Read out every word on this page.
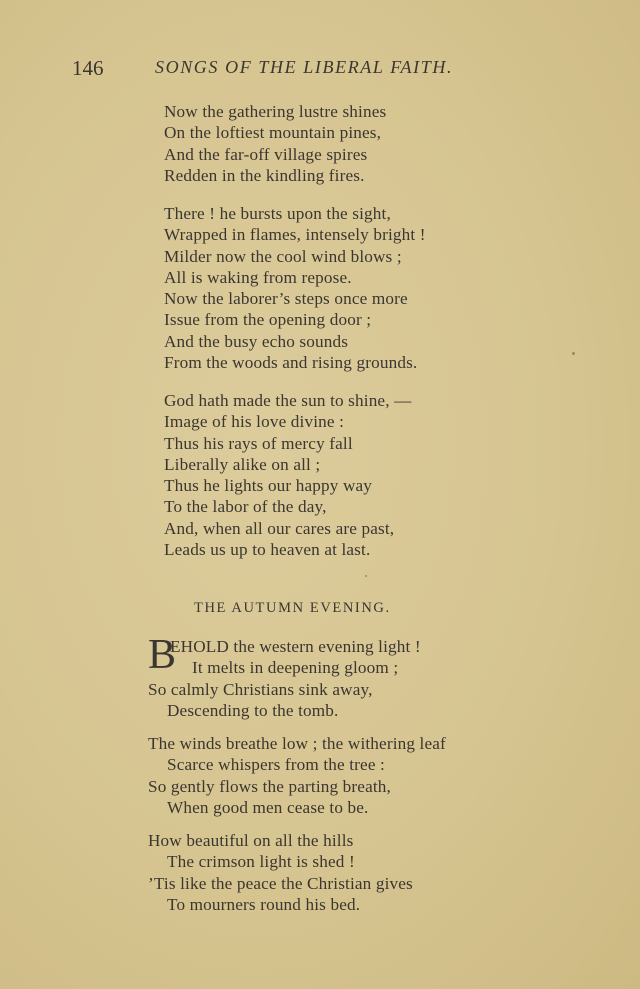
146	SONGS OF THE LIBERAL FAITH.
Now the gathering lustre shines
On the loftiest mountain pines,
And the far-off village spires
Redden in the kindling fires.
There ! he bursts upon the sight,
Wrapped in flames, intensely bright !
Milder now the cool wind blows ;
All is waking from repose.
Now the laborer’s steps once more
Issue from the opening door ;
And the busy echo sounds
From the woods and rising grounds.
God hath made the sun to shine, —
Image of his love divine :
Thus his rays of mercy fall
Liberally alike on all ;
Thus he lights our happy way
To the labor of the day,
And, when all our cares are past,
Leads us up to heaven at last.
THE AUTUMN EVENING.
B
EHOLD the western evening light !
It melts in deepening gloom ;
So calmly Christians sink away,
Descending to the tomb.
The winds breathe low ; the withering leaf
Scarce whispers from the tree :
So gently flows the parting breath,
When good men cease to be.
How beautiful on all the hills
The crimson light is shed !
’Tis like the peace the Christian gives
To mourners round his bed.
